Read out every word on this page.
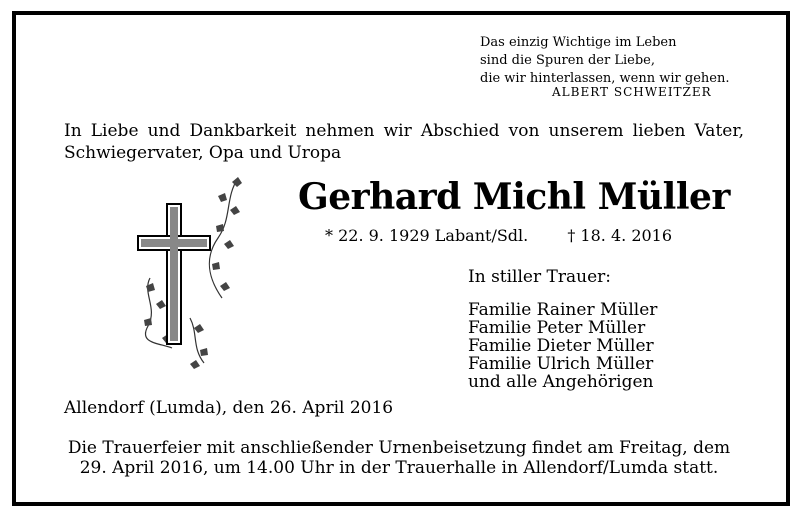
Das einzig Wichtige im Leben
sind die Spuren der Liebe,
die wir hinterlassen, wenn wir gehen.
ALBERT SCHWEITZER
In Liebe und Dankbarkeit nehmen wir Abschied von unserem lieben Vater,
Schwiegervater, Opa und Uropa
Gerhard Michl Müller
* 22. 9. 1929 Labant/Sdl. † 18. 4. 2016
In stiller Trauer:
Familie Rainer Müller
Familie Peter Müller
Familie Dieter Müller
Familie Ulrich Müller
und alle Angehörigen
Allendorf (Lumda), den 26. April 2016
Die Trauerfeier mit anschließender Urnenbeisetzung findet am Freitag, dem
29. April 2016, um 14.00 Uhr in der Trauerhalle in Allendorf/Lumda statt.
